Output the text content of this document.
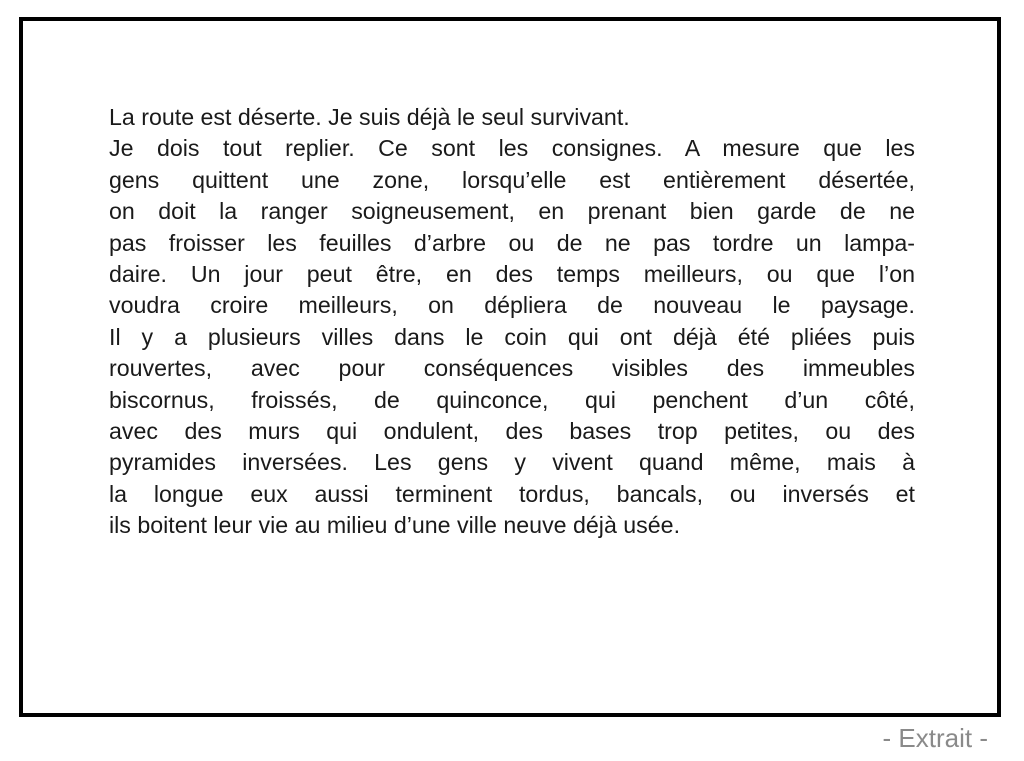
La route est déserte. Je suis déjà le seul survivant.
Je dois tout replier. Ce sont les consignes. A mesure que les
gens quittent une zone, lorsqu’elle est entièrement désertée,
on doit la ranger soigneusement, en prenant bien garde de ne
pas froisser les feuilles d’arbre ou de ne pas tordre un lampa-
daire. Un jour peut être, en des temps meilleurs, ou que l’on
voudra croire meilleurs, on dépliera de nouveau le paysage.
Il y a plusieurs villes dans le coin qui ont déjà été pliées puis
rouvertes, avec pour conséquences visibles des immeubles
biscornus, froissés, de quinconce, qui penchent d’un côté,
avec des murs qui ondulent, des bases trop petites, ou des
pyramides inversées. Les gens y vivent quand même, mais à
la longue eux aussi terminent tordus, bancals, ou inversés et
ils boitent leur vie au milieu d’une ville neuve déjà usée.
- Extrait -
